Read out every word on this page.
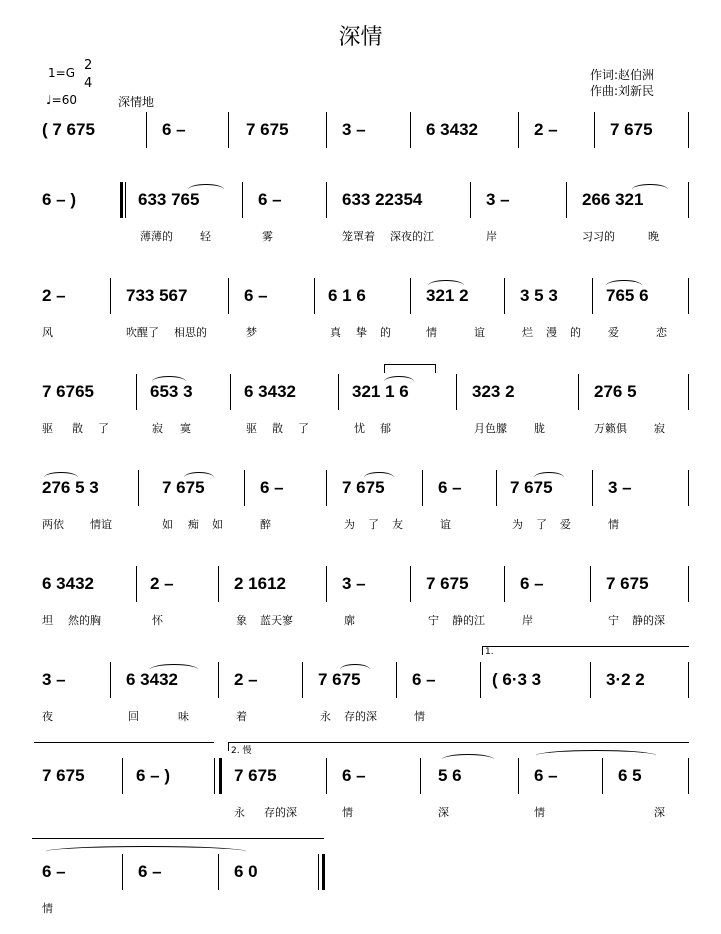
深情
1=G 2
4
♩=60	深情地
作词:赵伯洲
作曲:刘新民
( 7 675	6 –	7 675	3 –	6 3432	2 –	7 675
6 – )	633 765	6 –	633 22354	3 –	266 321
薄薄的 轻	雾	笼罩着 深夜的江	岸	习习的	晚
2 –	733 567	6 –	6 1 6	321 2	3 5 3	765 6
风	吹醒了 相思的	梦	真 挚 的	情	谊	烂 漫 的 爱	恋
7 6765	653 3	6 3432	321 1 6	323 2	276 5
驱 散 了	寂 寞	驱 散 了	忧 郁	月色朦 胧	万籁俱 寂
276 5 3	7 675	6 –	7 675	6 –	7 675	3 –
两依 情谊	如 痴 如	醉	为 了 友	谊	为 了 爱	情
6 3432	2 –	2 1612	3 –	7 675	6 –	7 675
坦 然的胸	怀	象 蓝天寥	廓	宁 静的江	岸	宁 静的深
1.
3 –	6 3432	2 –	7 675	6 –	( 6·3 3	3·2 2
夜	回	味	着	永 存的深	情
2. 慢
7 675	6 – )	7 675	6 –	5 6	6 –	6 5
永 存的深	情	深	情	深
6 –	6 –	6 0
情
